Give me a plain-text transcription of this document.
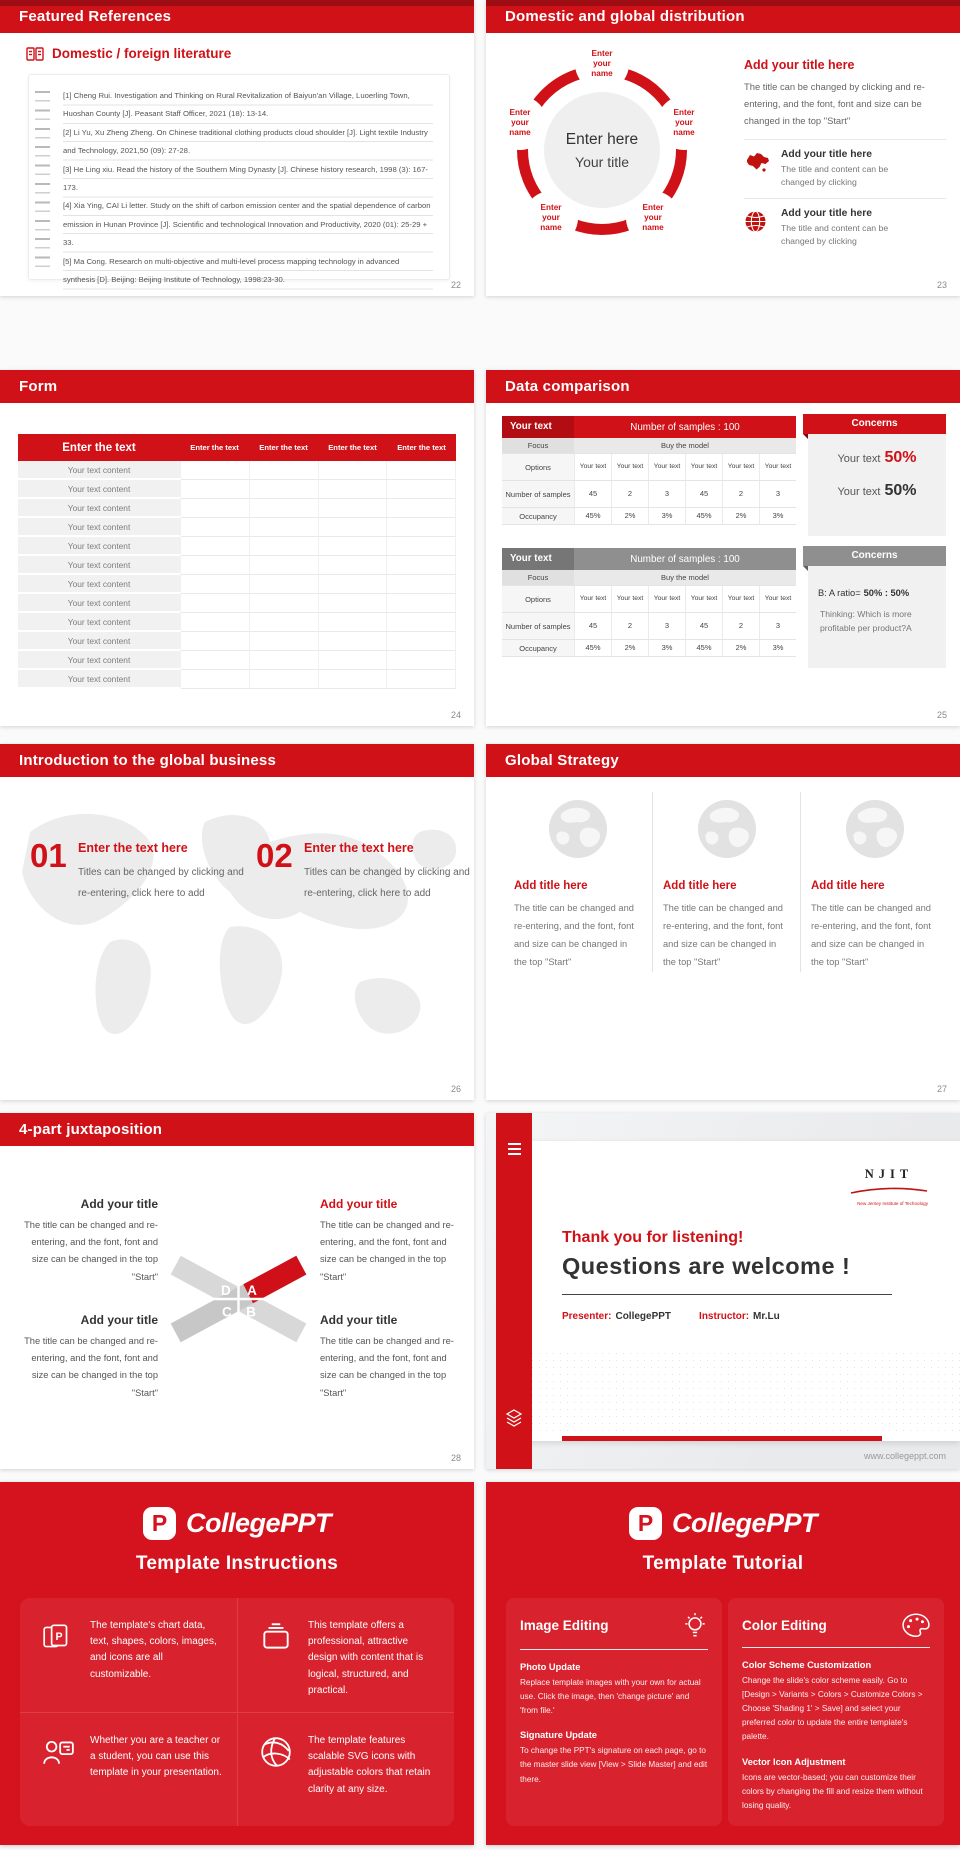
Featured References
Domestic / foreign literature
[1] Cheng Rui. Investigation and Thinking on Rural Revitalization of Baiyun'an Village, Luoerling Town, Huoshan County [J]. Peasant Staff Officer, 2021 (18): 13-14.
[2] Li Yu, Xu Zheng Zheng. On Chinese traditional clothing products cloud shoulder [J]. Light textile Industry and Technology, 2021,50 (09): 27-28.
[3] He Ling xiu. Read the history of the Southern Ming Dynasty [J]. Chinese history research, 1998 (3): 167-173.
[4] Xia Ying, CAI Li letter. Study on the shift of carbon emission center and the spatial dependence of carbon emission in Hunan Province [J]. Scientific and technological Innovation and Productivity, 2020 (01): 25-29 + 33.
[5] Ma Cong. Research on multi-objective and multi-level process mapping technology in advanced synthesis [D]. Beijing: Beijing Institute of Technology, 1998:23-30.
22
Domestic and global distribution
Enter your name
Enter your name
Enter your name
Enter your name
Enter your name
Enter here
Your title
Add your title here
The title can be changed by clicking and re-entering, and the font, font and size can be changed in the top "Start"
Add your title here
The title and content can be changed by clicking
Add your title here
The title and content can be changed by clicking
23
Form
Enter the text	Enter the text	Enter the text	Enter the text	Enter the text
Your text content
Your text content
Your text content
Your text content
Your text content
Your text content
Your text content
Your text content
Your text content
Your text content
Your text content
Your text content
24
Data comparison
Your text	Number of samples : 100
Focus	Buy the model
Options	Your text	Your text	Your text	Your text	Your text	Your text
Number of samples	45	2	3	45	2	3
Occupancy	45%	2%	3%	45%	2%	3%
Your text	Number of samples : 100
Focus	Buy the model
Options	Your text	Your text	Your text	Your text	Your text	Your text
Number of samples	45	2	3	45	2	3
Occupancy	45%	2%	3%	45%	2%	3%
Concerns
Your text 50%
Your text 50%
Concerns
B: A ratio= 50% : 50%
Thinking: Which is more profitable per product?A
25
Introduction to the global business
01 Enter the text here
Titles can be changed by clicking and re-entering, click here to add
02 Enter the text here
Titles can be changed by clicking and re-entering, click here to add
26
Global Strategy
Add title here
The title can be changed and re-entering, and the font, font and size can be changed in the top "Start"
Add title here
The title can be changed and re-entering, and the font, font and size can be changed in the top "Start"
Add title here
The title can be changed and re-entering, and the font, font and size can be changed in the top "Start"
27
4-part juxtaposition
Add your title
The title can be changed and re-entering, and the font, font and size can be changed in the top "Start"
Add your title
The title can be changed and re-entering, and the font, font and size can be changed in the top "Start"
Add your title
The title can be changed and re-entering, and the font, font and size can be changed in the top "Start"
Add your title
The title can be changed and re-entering, and the font, font and size can be changed in the top "Start"
D A
C B
28
NJIT
New Jersey Institute of Technology
Thank you for listening!
Questions are welcome !
Presenter: CollegePPT	Instructor: Mr.Lu
www.collegeppt.com
P CollegePPT
Template Instructions
P
The template's chart data, text, shapes, colors, images, and icons are all customizable.
This template offers a professional, attractive design with content that is logical, structured, and practical.
Whether you are a teacher or a student, you can use this template in your presentation.
The template features scalable SVG icons with adjustable colors that retain clarity at any size.
P CollegePPT
Template Tutorial
Image Editing
Photo Update
Replace template images with your own for actual use. Click the image, then 'change picture' and 'from file.'
Signature Update
To change the PPT's signature on each page, go to the master slide view [View > Slide Master] and edit there.
Color Editing
Color Scheme Customization
Change the slide's color scheme easily. Go to [Design > Variants > Colors > Customize Colors > Choose 'Shading 1' > Save] and select your preferred color to update the entire template's palette.
Vector Icon Adjustment
Icons are vector-based; you can customize their colors by changing the fill and resize them without losing quality.
